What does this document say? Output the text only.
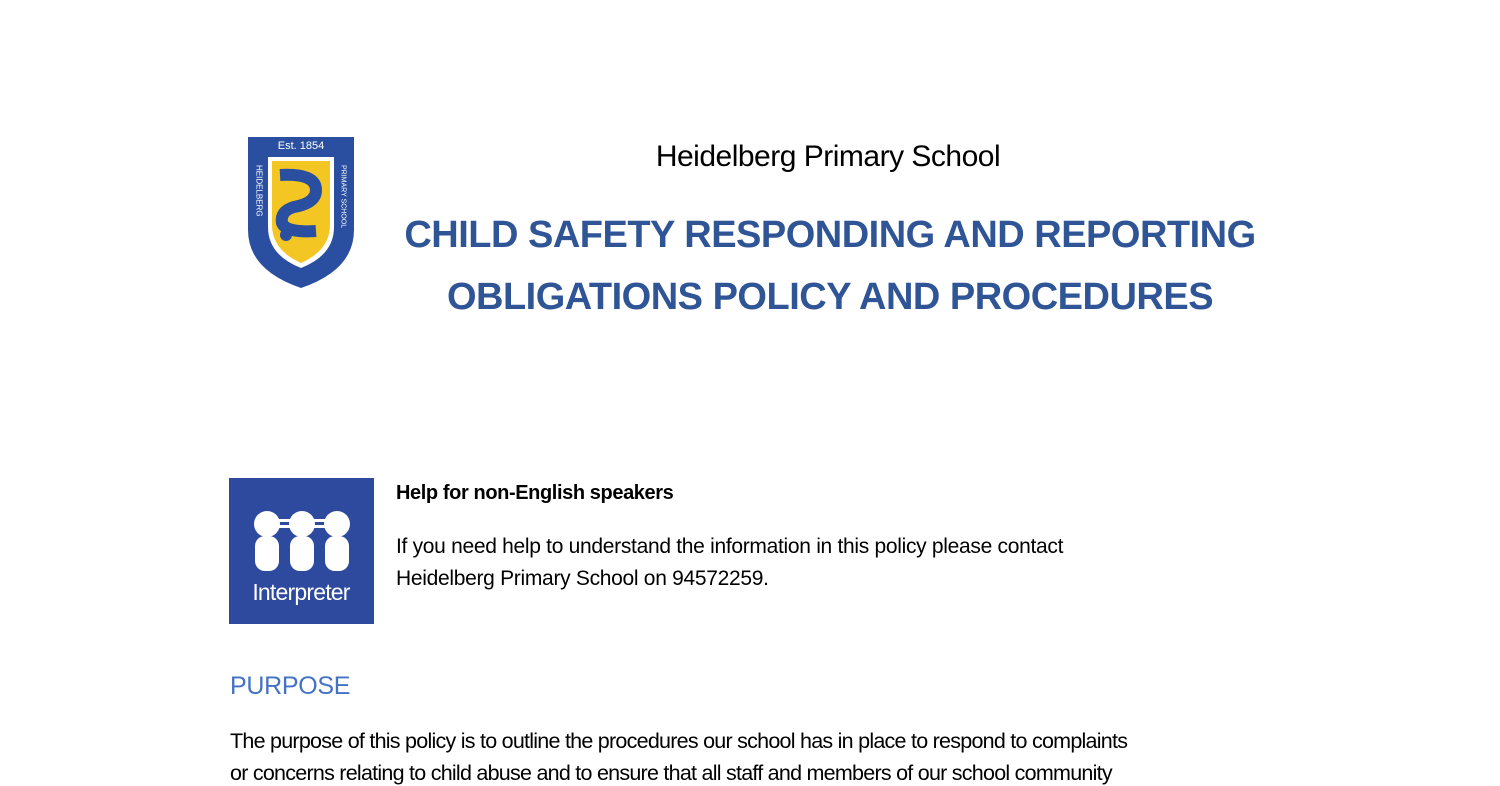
Heidelberg Primary School
Est. 1854
HEIDELBERG	PRIMARY SCHOOL
CHILD SAFETY RESPONDING AND REPORTING
OBLIGATIONS POLICY AND PROCEDURES
Interpreter
Help for non-English speakers
If you need help to understand the information in this policy please contact
Heidelberg Primary School on 94572259.
PURPOSE
The purpose of this policy is to outline the procedures our school has in place to respond to complaints
or concerns relating to child abuse and to ensure that all staff and members of our school community
